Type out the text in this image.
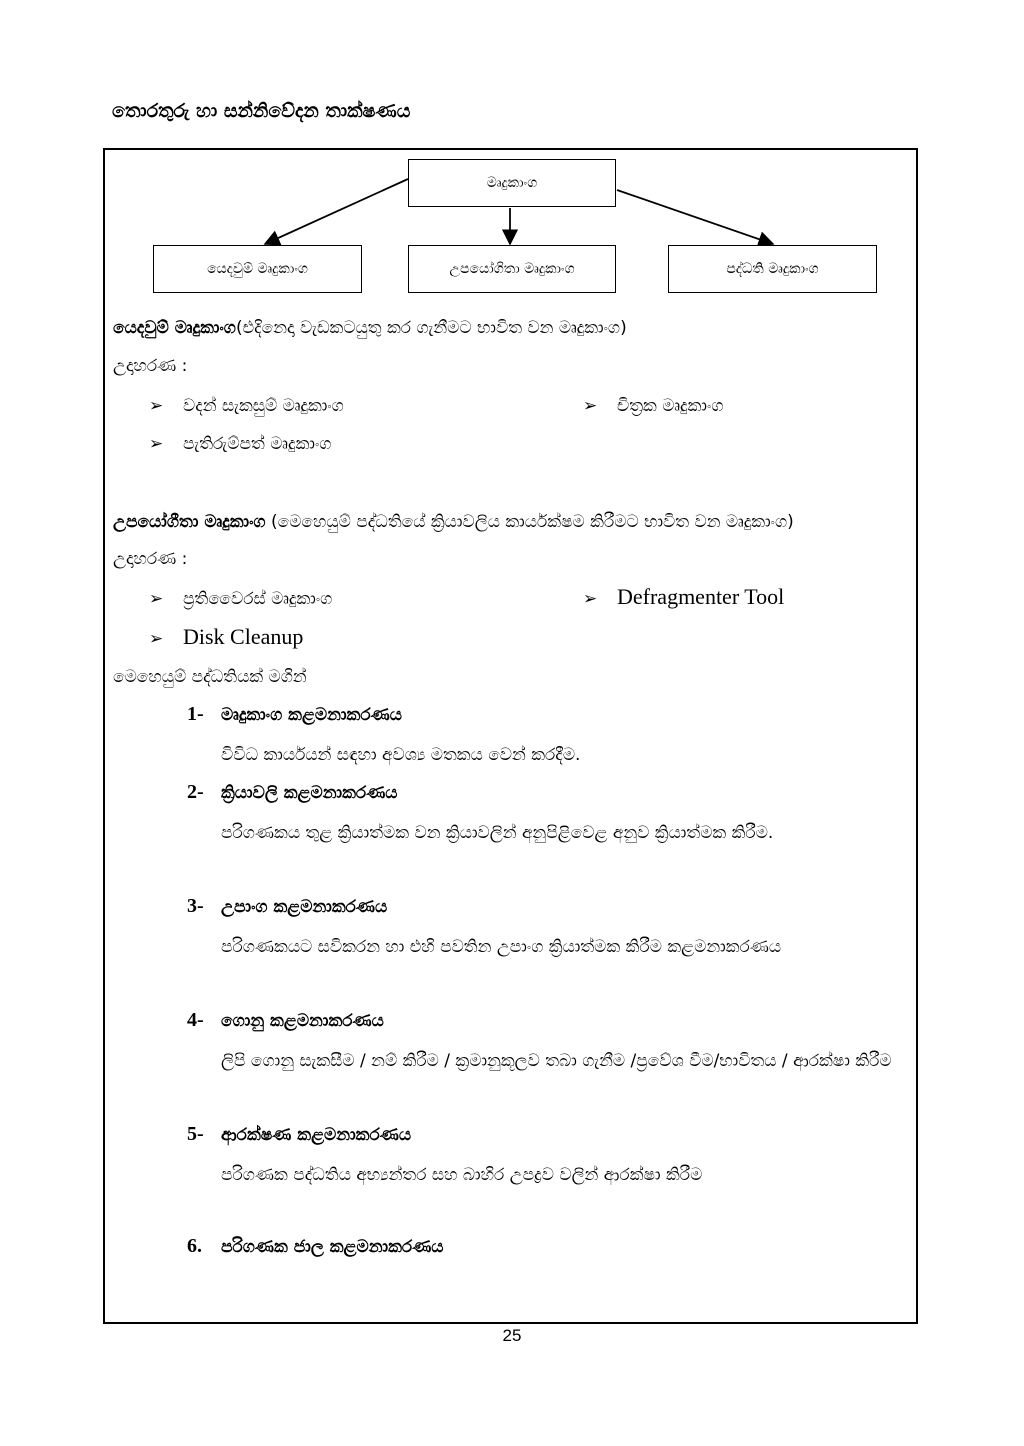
තොරතුරු හා සන්නිවේදන තාක්ෂණය
මෘදුකාංග
යෙදවුම් මෘදුකාංග	උපයෝගිතා මෘදුකාංග	පද්ධති මෘදුකාංග
යෙදවුම් මෘදුකාංග(එදිනෙදා වැඩකටයුතු කර ගැනීමට භාවිත වන මෘදුකාංග)
උදාහරණ :
➢ වදන් සැකසුම් මෘදුකාංග	➢ චිත්‍රක මෘදුකාංග
➢ පැතිරුම්පත් මෘදුකාංග
උපයෝගීතා මෘදුකාංග (මෙහෙයුම් පද්ධතියේ ක්‍රියාවලිය කාර්යක්ෂම කිරීමට භාවිත වන මෘදුකාංග)
උදාහරණ :
➢ ප්‍රතිවෛරස් මෘදුකාංග	➢ Defragmenter Tool
➢ Disk Cleanup
මෙහෙයුම් පද්ධතියක් මගින්
1- මෘදුකාංග කළමනාකරණය
විවිධ කාර්යයන් සඳහා අවශ්‍ය මතකය වෙන් කරදීම.
2- ක්‍රියාවලි කළමනාකරණය
පරිගණකය තුළ ක්‍රියාත්මක වන ක්‍රියාවලින් අනුපිළිවෙළ අනුව ක්‍රියාත්මක කිරීම.
3- උපාංග කළමනාකරණය
පරිගණකයට සවිකරන හා එහි පවතින උපාංග ක්‍රියාත්මක කිරීම කළමනාකරණය
4- ගොනු කළමනාකරණය
ලිපි ගොනු සැකසීම / නම් කිරීම / ක්‍රමානුකූලව තබා ගැනීම /ප්‍රවේශ වීම/භාවිතය / ආරක්ෂා කිරීම
5- ආරක්ෂණ කළමනාකරණය
පරිගණක පද්ධතිය අභ්‍යන්තර සහ බාහිර උපද්‍රව වලින් ආරක්ෂා කිරීම
6. පරිගණක ජාල කළමනාකරණය
25
